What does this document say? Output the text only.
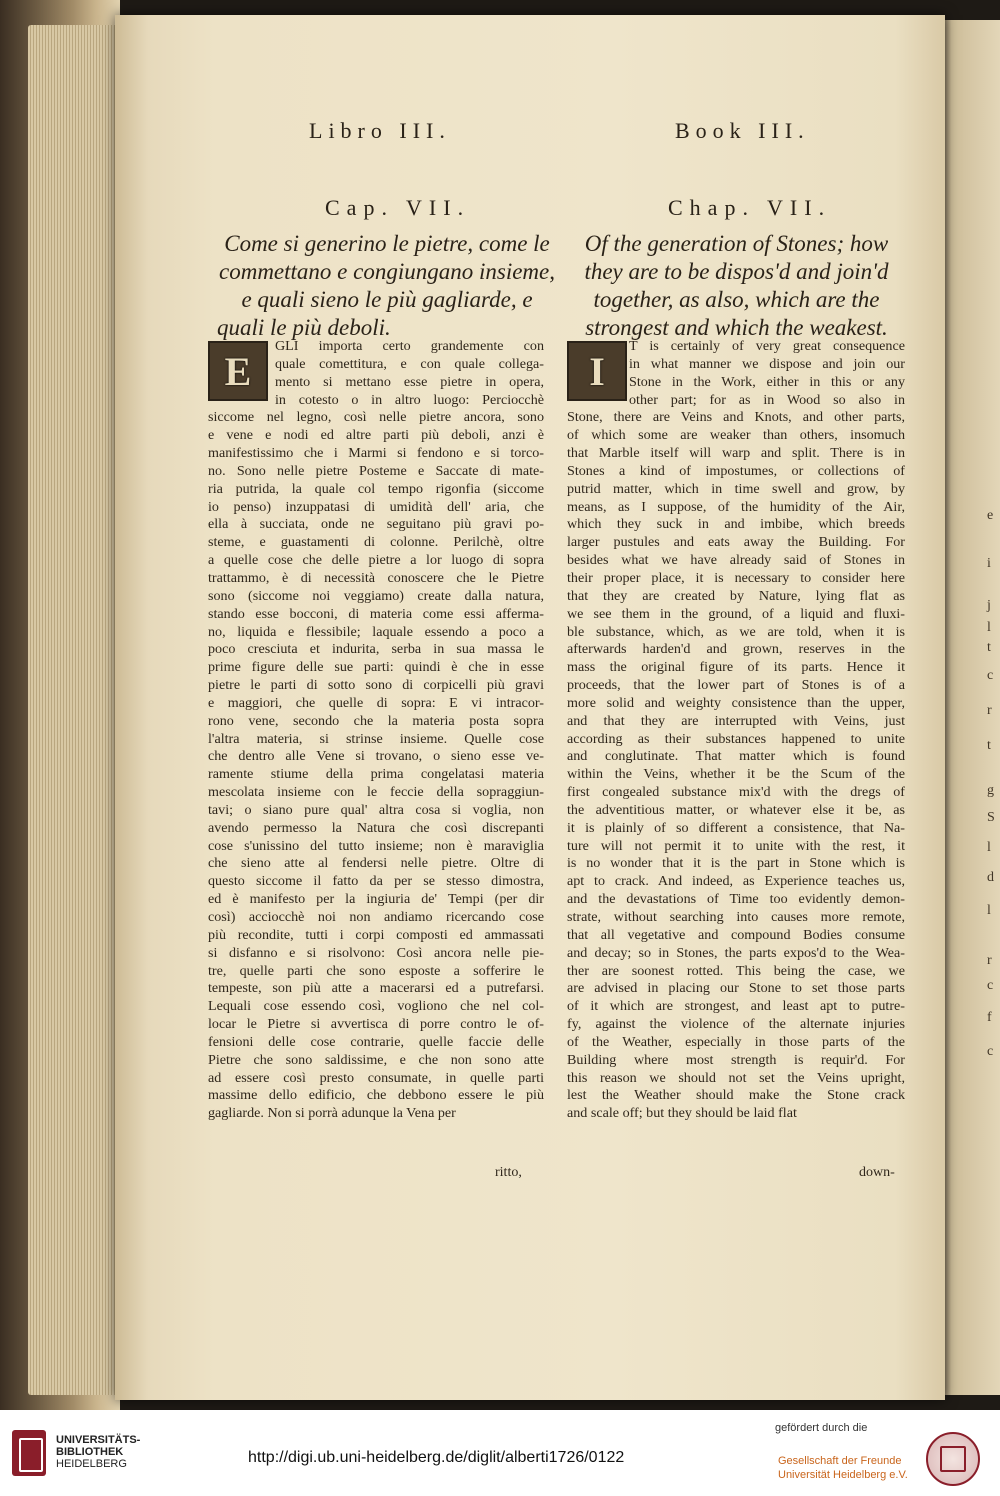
e
i
j
l
t
c
r
t
g
S
l
d
l
r
c
f
c
Libro III.
Cap. VII.
Come si generino le pietre, come le
commettano e congiungano insieme,
e quali sieno le più gagliarde, e
quali le più deboli.
E
GLI importa certo grandemente con
quale comettitura, e con quale collega-
mento si mettano esse pietre in opera,
in cotesto o in altro luogo: Perciocchè
siccome nel legno, così nelle pietre ancora, sono
e vene e nodi ed altre parti più deboli, anzi è
manifestissimo che i Marmi si fendono e si torco-
no. Sono nelle pietre Posteme e Saccate di mate-
ria putrida, la quale col tempo rigonfia (siccome
io penso) inzuppatasi di umidità dell' aria, che
ella à succiata, onde ne seguitano più gravi po-
steme, e guastamenti di colonne. Perilchè, oltre
a quelle cose che delle pietre a lor luogo di sopra
trattammo, è di necessità conoscere che le Pietre
sono (siccome noi veggiamo) create dalla natura,
stando esse bocconi, di materia come essi afferma-
no, liquida e flessibile; laquale essendo a poco a
poco cresciuta et indurita, serba in sua massa le
prime figure delle sue parti: quindi è che in esse
pietre le parti di sotto sono di corpicelli più gravi
e maggiori, che quelle di sopra: E vi intracor-
rono vene, secondo che la materia posta sopra
l'altra materia, si strinse insieme. Quelle cose
che dentro alle Vene si trovano, o sieno esse ve-
ramente stiume della prima congelatasi materia
mescolata insieme con le feccie della sopraggiun-
tavi; o siano pure qual' altra cosa si voglia, non
avendo permesso la Natura che così discrepanti
cose s'unissino del tutto insieme; non è maraviglia
che sieno atte al fendersi nelle pietre. Oltre di
questo siccome il fatto da per se stesso dimostra,
ed è manifesto per la ingiuria de' Tempi (per dir
così) acciocchè noi non andiamo ricercando cose
più recondite, tutti i corpi composti ed ammassati
si disfanno e si risolvono: Così ancora nelle pie-
tre, quelle parti che sono esposte a sofferire le
tempeste, son più atte a macerarsi ed a putrefarsi.
Lequali cose essendo così, vogliono che nel col-
locar le Pietre si avvertisca di porre contro le of-
fensioni delle cose contrarie, quelle faccie delle
Pietre che sono saldissime, e che non sono atte
ad essere così presto consumate, in quelle parti
massime dello edificio, che debbono essere le più
gagliarde. Non si porrà adunque la Vena per
ritto,
Book III.
Chap. VII.
Of the generation of Stones; how
they are to be dispos'd and join'd
together, as also, which are the
strongest and which the weakest.
I
T is certainly of very great consequence
in what manner we dispose and join our
Stone in the Work, either in this or any
other part; for as in Wood so also in
Stone, there are Veins and Knots, and other parts,
of which some are weaker than others, insomuch
that Marble itself will warp and split. There is in
Stones a kind of impostumes, or collections of
putrid matter, which in time swell and grow, by
means, as I suppose, of the humidity of the Air,
which they suck in and imbibe, which breeds
larger pustules and eats away the Building. For
besides what we have already said of Stones in
their proper place, it is necessary to consider here
that they are created by Nature, lying flat as
we see them in the ground, of a liquid and fluxi-
ble substance, which, as we are told, when it is
afterwards harden'd and grown, reserves in the
mass the original figure of its parts. Hence it
proceeds, that the lower part of Stones is of a
more solid and weighty consistence than the upper,
and that they are interrupted with Veins, just
according as their substances happened to unite
and conglutinate. That matter which is found
within the Veins, whether it be the Scum of the
first congealed substance mix'd with the dregs of
the adventitious matter, or whatever else it be, as
it is plainly of so different a consistence, that Na-
ture will not permit it to unite with the rest, it
is no wonder that it is the part in Stone which is
apt to crack. And indeed, as Experience teaches us,
and the devastations of Time too evidently demon-
strate, without searching into causes more remote,
that all vegetative and compound Bodies consume
and decay; so in Stones, the parts expos'd to the Wea-
ther are soonest rotted. This being the case, we
are advised in placing our Stone to set those parts
of it which are strongest, and least apt to putre-
fy, against the violence of the alternate injuries
of the Weather, especially in those parts of the
Building where most strength is requir'd. For
this reason we should not set the Veins upright,
lest the Weather should make the Stone crack
and scale off; but they should be laid flat
down-
UNIVERSITÄTS-
BIBLIOTHEK
HEIDELBERG	http://digi.ub.uni-heidelberg.de/diglit/alberti1726/0122
gefördert durch die
Gesellschaft der Freunde
Universität Heidelberg e.V.
